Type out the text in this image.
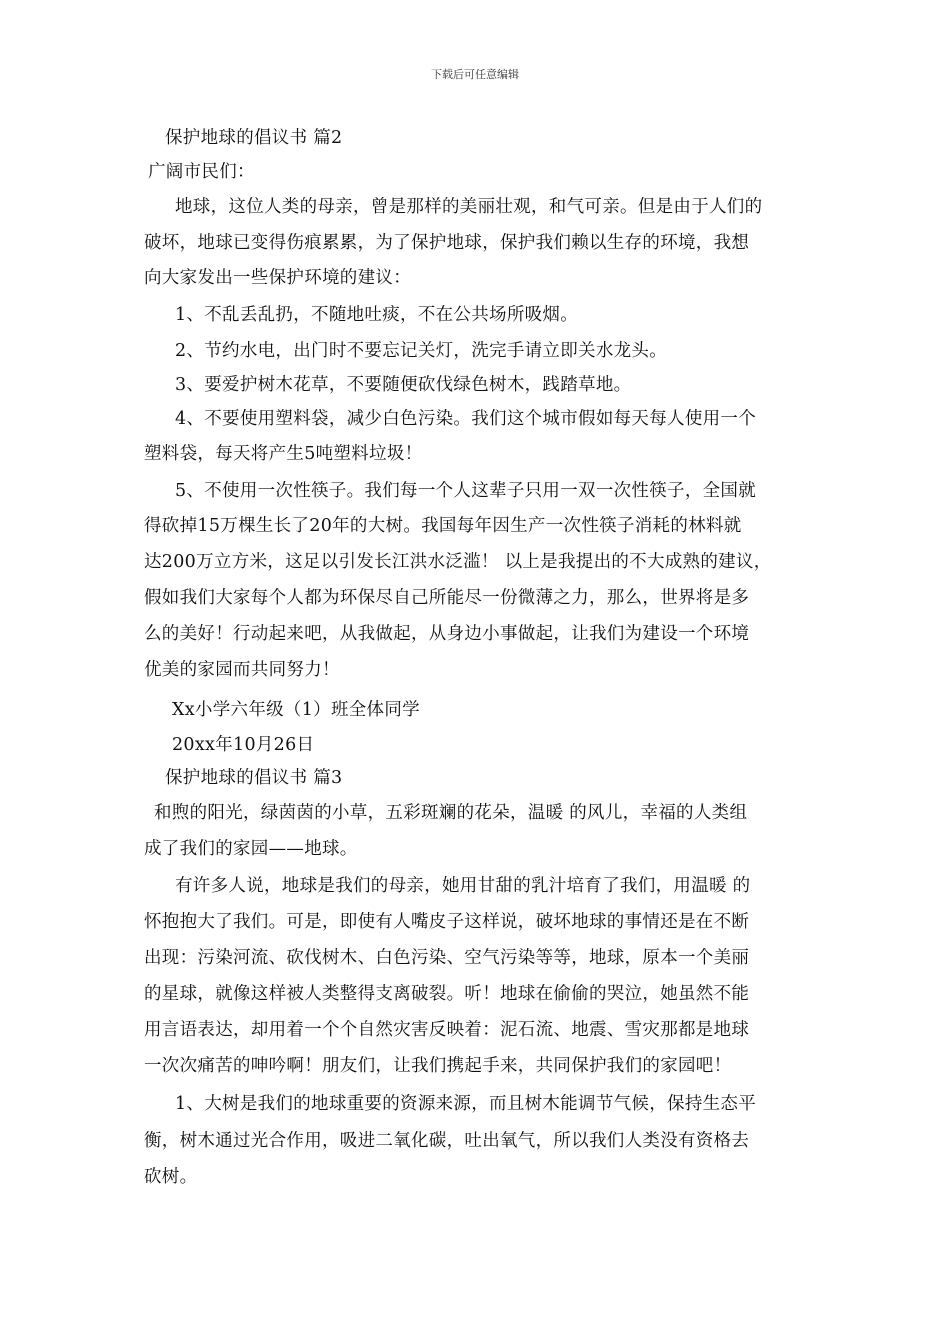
下载后可任意编辑
保护地球的倡议书 篇2
广阔市民们：
地球，这位人类的母亲，曾是那样的美丽壮观，和气可亲。但是由于人们的
破坏，地球已变得伤痕累累，为了保护地球，保护我们赖以生存的环境，我想
向大家发出一些保护环境的建议：
1、不乱丢乱扔，不随地吐痰，不在公共场所吸烟。
2、节约水电，出门时不要忘记关灯，洗完手请立即关水龙头。
3、要爱护树木花草，不要随便砍伐绿色树木，践踏草地。
4、不要使用塑料袋，减少白色污染。我们这个城市假如每天每人使用一个
塑料袋，每天将产生5吨塑料垃圾！
5、不使用一次性筷子。我们每一个人这辈子只用一双一次性筷子，全国就
得砍掉15万棵生长了20年的大树。我国每年因生产一次性筷子消耗的林料就
达200万立方米，这足以引发长江洪水泛滥！ 以上是我提出的不大成熟的建议，
假如我们大家每个人都为环保尽自己所能尽一份微薄之力，那么，世界将是多
么的美好！行动起来吧，从我做起，从身边小事做起，让我们为建设一个环境
优美的家园而共同努力！
Xx小学六年级（1）班全体同学
20xx年10月26日
保护地球的倡议书 篇3
和煦的阳光，绿茵茵的小草，五彩斑斓的花朵，温暖 的风儿，幸福的人类组
成了我们的家园——地球。
有许多人说，地球是我们的母亲，她用甘甜的乳汁培育了我们，用温暖 的
怀抱抱大了我们。可是，即使有人嘴皮子这样说，破坏地球的事情还是在不断
出现：污染河流、砍伐树木、白色污染、空气污染等等，地球，原本一个美丽
的星球，就像这样被人类整得支离破裂。听！地球在偷偷的哭泣，她虽然不能
用言语表达，却用着一个个自然灾害反映着：泥石流、地震、雪灾那都是地球
一次次痛苦的呻吟啊！朋友们，让我们携起手来，共同保护我们的家园吧！
1、大树是我们的地球重要的资源来源，而且树木能调节气候，保持生态平
衡，树木通过光合作用，吸进二氧化碳，吐出氧气，所以我们人类没有资格去
砍树。
